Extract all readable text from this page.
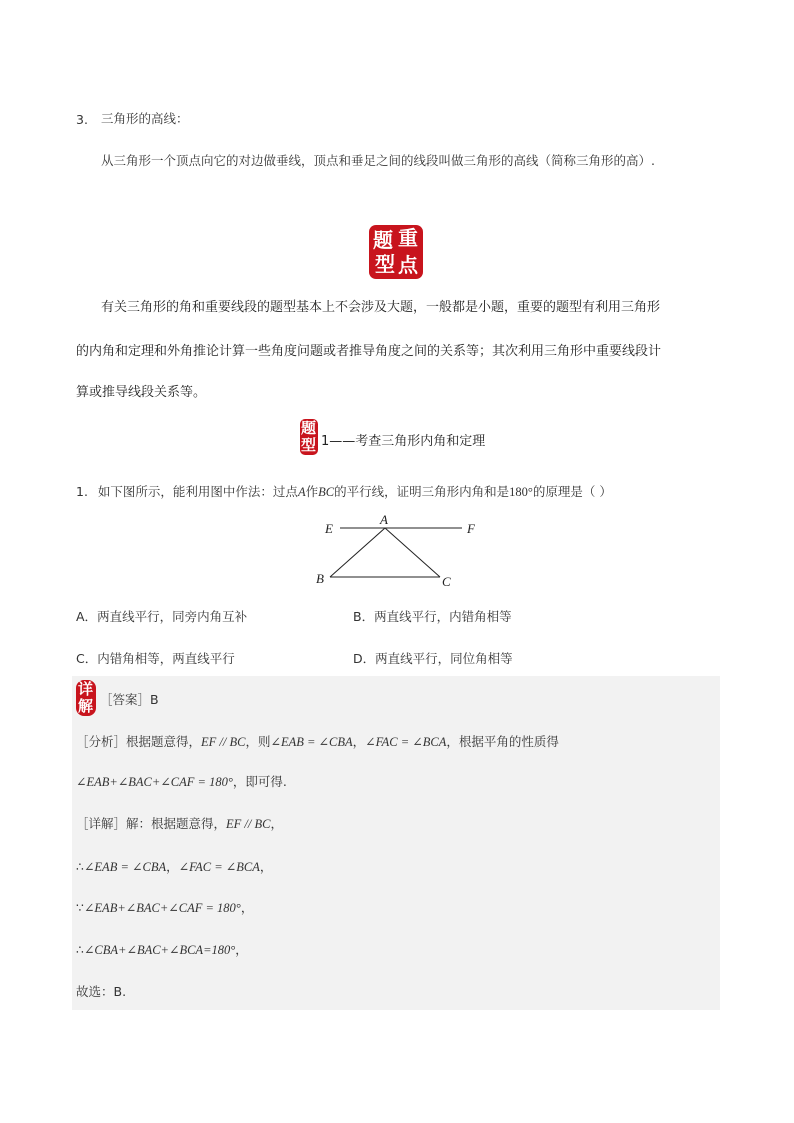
3. 三角形的高线：
从三角形一个顶点向它的对边做垂线，顶点和垂足之间的线段叫做三角形的高线（简称三角形的高）.
题 重
型 点
有关三角形的角和重要线段的题型基本上不会涉及大题，一般都是小题，重要的题型有利用三角形
的内角和定理和外角推论计算一些角度问题或者推导角度之间的关系等；其次利用三角形中重要线段计
算或推导线段关系等。
题
型 1——考查三角形内角和定理
1. 如下图所示，能利用图中作法：过点A作BC的平行线，证明三角形内角和是180°的原理是（ ）
E
A
F
B	C
A．两直线平行，同旁内角互补	B．两直线平行，内错角相等
C．内错角相等，两直线平行	D．两直线平行，同位角相等
详
解 ［答案］B
［分析］根据题意得，EF // BC，则∠EAB = ∠CBA，∠FAC = ∠BCA，根据平角的性质得
∠EAB+∠BAC+∠CAF = 180°，即可得.
［详解］解：根据题意得，EF // BC，
∴∠EAB = ∠CBA，∠FAC = ∠BCA，
∵∠EAB+∠BAC+∠CAF = 180°，
∴∠CBA+∠BAC+∠BCA=180°，
故选：B.
